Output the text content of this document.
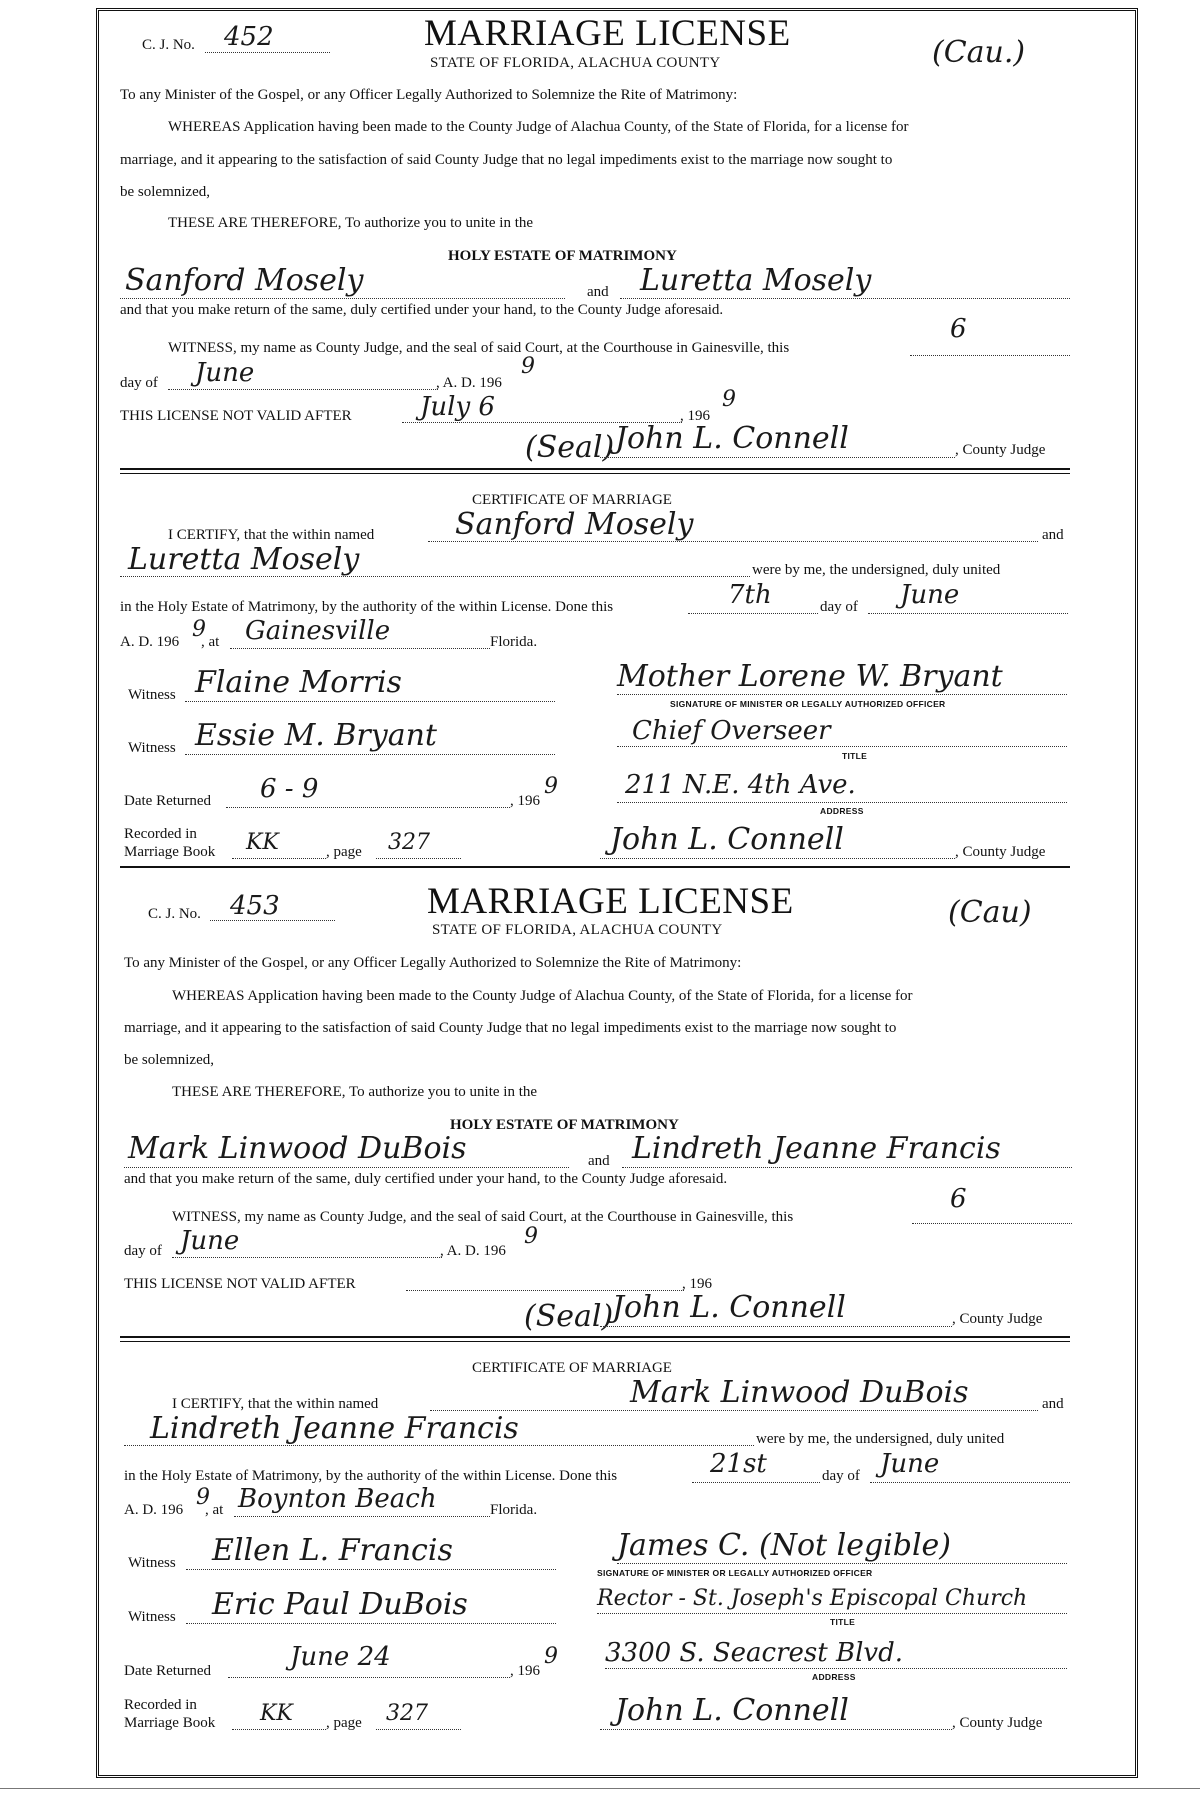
C. J. No. 452	MARRIAGE LICENSE
STATE OF FLORIDA, ALACHUA COUNTY	(Cau.)
To any Minister of the Gospel, or any Officer Legally Authorized to Solemnize the Rite of Matrimony:
WHEREAS Application having been made to the County Judge of Alachua County, of the State of Florida, for a license for
marriage, and it appearing to the satisfaction of said County Judge that no legal impediments exist to the marriage now sought to
be solemnized,
THESE ARE THEREFORE, To authorize you to unite in the
HOLY ESTATE OF MATRIMONY
Sanford Mosely	and Luretta Mosely
and that you make return of the same, duly certified under your hand, to the County Judge aforesaid.
WITNESS, my name as County Judge, and the seal of said Court, at the Courthouse in Gainesville, this
6
day of June	, A. D. 196
9
THIS LICENSE NOT VALID AFTER	July 6	, 196
9
(Seal) John L. Connell	, County Judge
CERTIFICATE OF MARRIAGE
I CERTIFY, that the within named	Sanford Mosely	and
Luretta Mosely	were by me, the undersigned, duly united
in the Holy Estate of Matrimony, by the authority of the within License. Done this	7th	day of June
A. D. 196 9
, at Gainesville	Florida.
Witness Flaine Morris	Mother Lorene W. Bryant
SIGNATURE OF MINISTER OR LEGALLY AUTHORIZED OFFICER
Witness Essie M. Bryant	Chief Overseer
TITLE
Date Returned 6 - 9	, 196
9	211 N.E. 4th Ave.
ADDRESS
Recorded in
Marriage Book KK	, page 327	John L. Connell	, County Judge
C. J. No. 453	MARRIAGE LICENSE
STATE OF FLORIDA, ALACHUA COUNTY	(Cau)
To any Minister of the Gospel, or any Officer Legally Authorized to Solemnize the Rite of Matrimony:
WHEREAS Application having been made to the County Judge of Alachua County, of the State of Florida, for a license for
marriage, and it appearing to the satisfaction of said County Judge that no legal impediments exist to the marriage now sought to
be solemnized,
THESE ARE THEREFORE, To authorize you to unite in the
HOLY ESTATE OF MATRIMONY
Mark Linwood DuBois	and Lindreth Jeanne Francis
and that you make return of the same, duly certified under your hand, to the County Judge aforesaid.
WITNESS, my name as County Judge, and the seal of said Court, at the Courthouse in Gainesville, this
6
day of June	, A. D. 196
9
THIS LICENSE NOT VALID AFTER	, 196
(Seal)
John L. Connell	, County Judge
CERTIFICATE OF MARRIAGE
I CERTIFY, that the within named	Mark Linwood DuBois	and
Lindreth Jeanne Francis	were by me, the undersigned, duly united
in the Holy Estate of Matrimony, by the authority of the within License. Done this	21st	day of June
A. D. 196 9
, at Boynton Beach	Florida.
Witness Ellen L. Francis	James C. (Not legible)
SIGNATURE OF MINISTER OR LEGALLY AUTHORIZED OFFICER
Witness Eric Paul DuBois	Rector - St. Joseph's Episcopal Church
TITLE
Date Returned	June 24	, 196
9 3300 S. Seacrest Blvd.
ADDRESS
Recorded in
Marriage Book KK , page 327	John L. Connell	, County Judge
